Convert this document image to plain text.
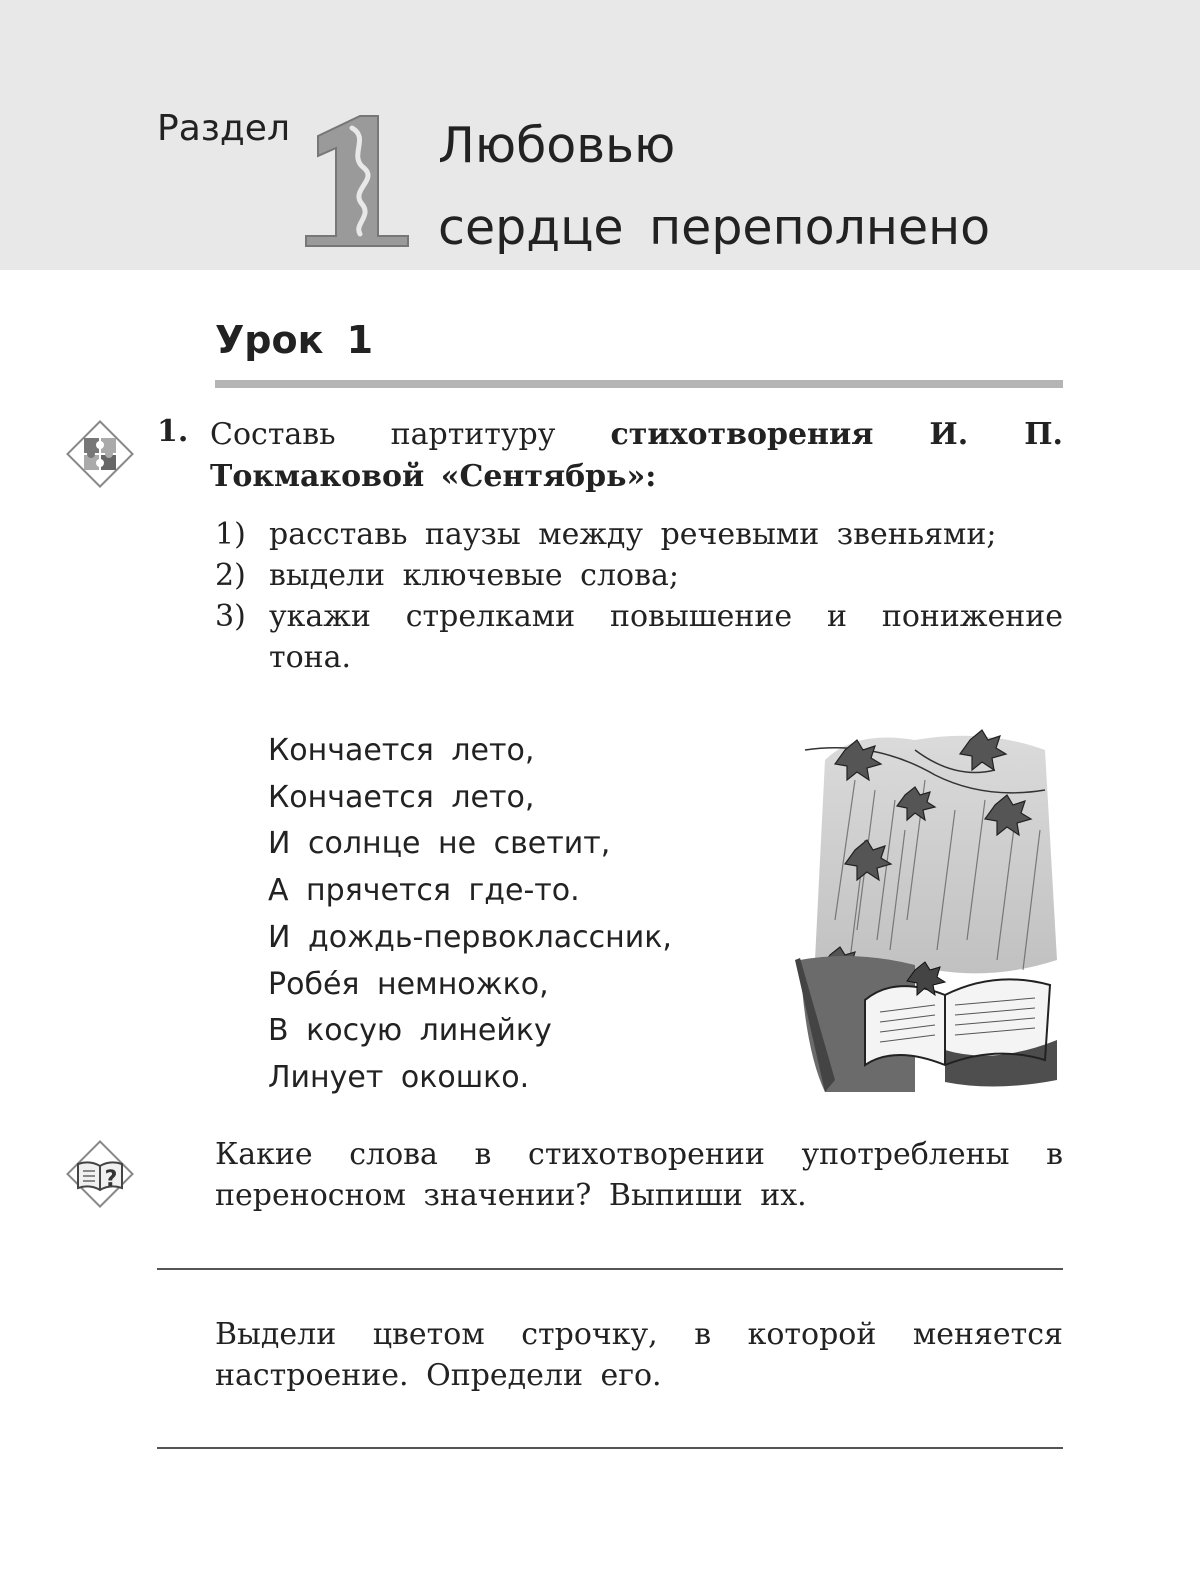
Раздел	1
Любовью
сердце переполнено
Урок 1
1. Составь партитуру стихотворения И. П. Токмаковой «Сентябрь»:

1) расставь паузы между речевыми звеньями;
2) выдели ключевые слова;
3) укажи стрелками повышение и понижение тона.
Кончается лето,
Кончается лето,
И солнце не светит,
А прячется где-то.
И дождь-первоклассник,
Робе́я немножко,
В косую линейку
Линует окошко.
?

Какие слова в стихотворении употреблены в переносном значении? Выпиши их.

Выдели цветом строчку, в которой меняется настроение. Определи его.
